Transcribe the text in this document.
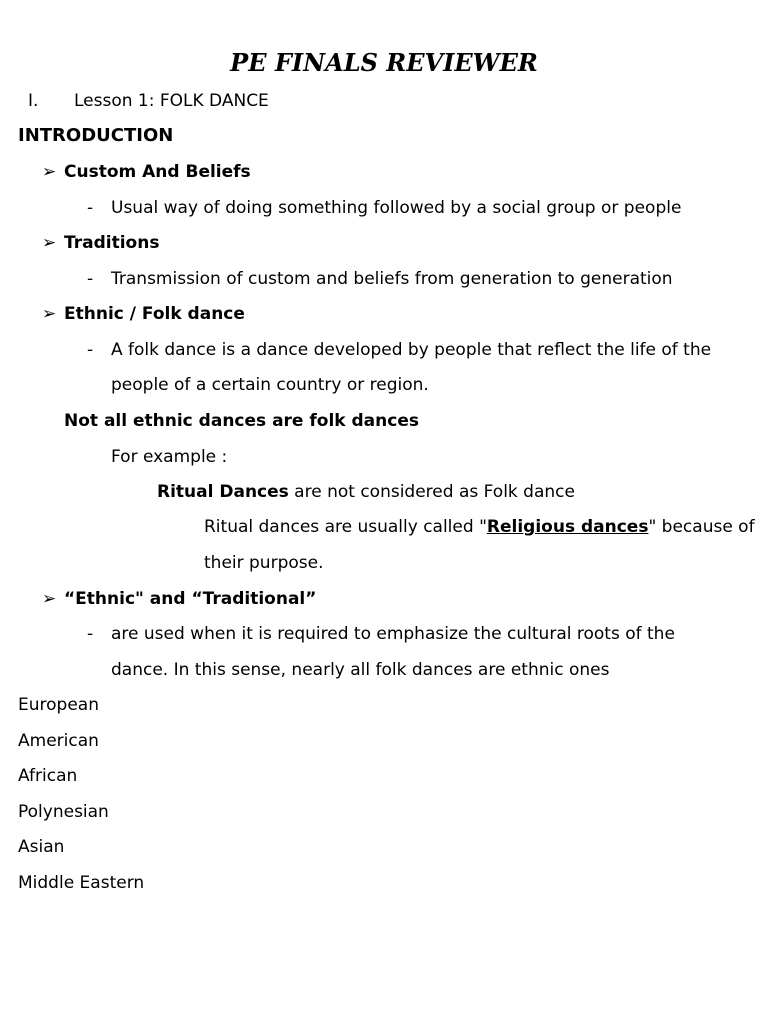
PE FINALS REVIEWER
I. Lesson 1: FOLK DANCE
INTRODUCTION
➢ Custom And Beliefs
- Usual way of doing something followed by a social group or people
➢ Traditions
- Transmission of custom and beliefs from generation to generation
➢ Ethnic / Folk dance
- A folk dance is a dance developed by people that reflect the life of the
people of a certain country or region.
Not all ethnic dances are folk dances
For example :
Ritual Dances are not considered as Folk dance
Ritual dances are usually called "Religious dances" because of
their purpose.
➢ “Ethnic" and “Traditional”
- are used when it is required to emphasize the cultural roots of the
dance. In this sense, nearly all folk dances are ethnic ones
European
American
African
Polynesian
Asian
Middle Eastern
